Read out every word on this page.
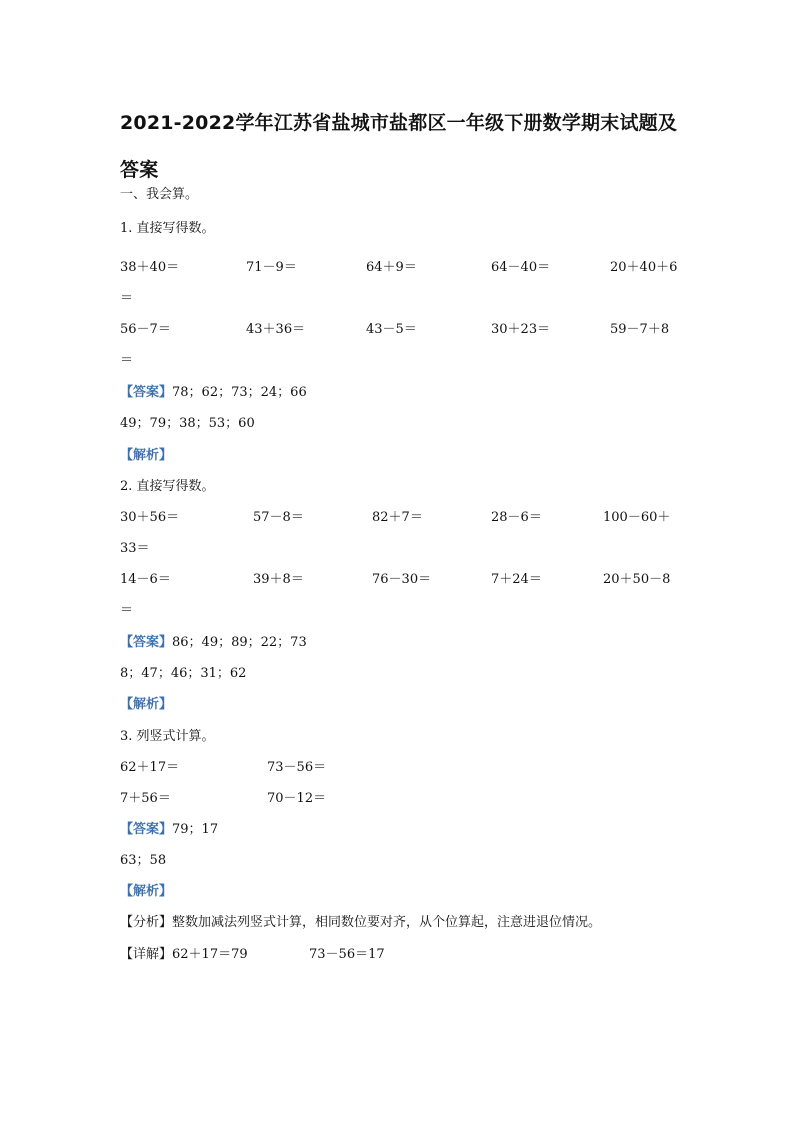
2021-2022学年江苏省盐城市盐都区一年级下册数学期末试题及答案
一、我会算。
1. 直接写得数。
38＋40＝	71－9＝	64＋9＝	64－40＝	20＋40＋6
＝
56－7＝	43＋36＝	43－5＝	30＋23＝	59－7＋8
＝
【答案】78；62；73；24；66
49；79；38；53；60
【解析】
2. 直接写得数。
30＋56＝	57－8＝	82＋7＝	28－6＝	100－60＋
33＝
14－6＝	39＋8＝	76－30＝	7＋24＝	20＋50－8
＝
【答案】86；49；89；22；73
8；47；46；31；62
【解析】
3. 列竖式计算。
62＋17＝	73－56＝
7＋56＝	70－12＝
【答案】79；17
63；58
【解析】
【分析】整数加减法列竖式计算，相同数位要对齐，从个位算起，注意进退位情况。
【详解】62＋17＝79	73－56＝17
